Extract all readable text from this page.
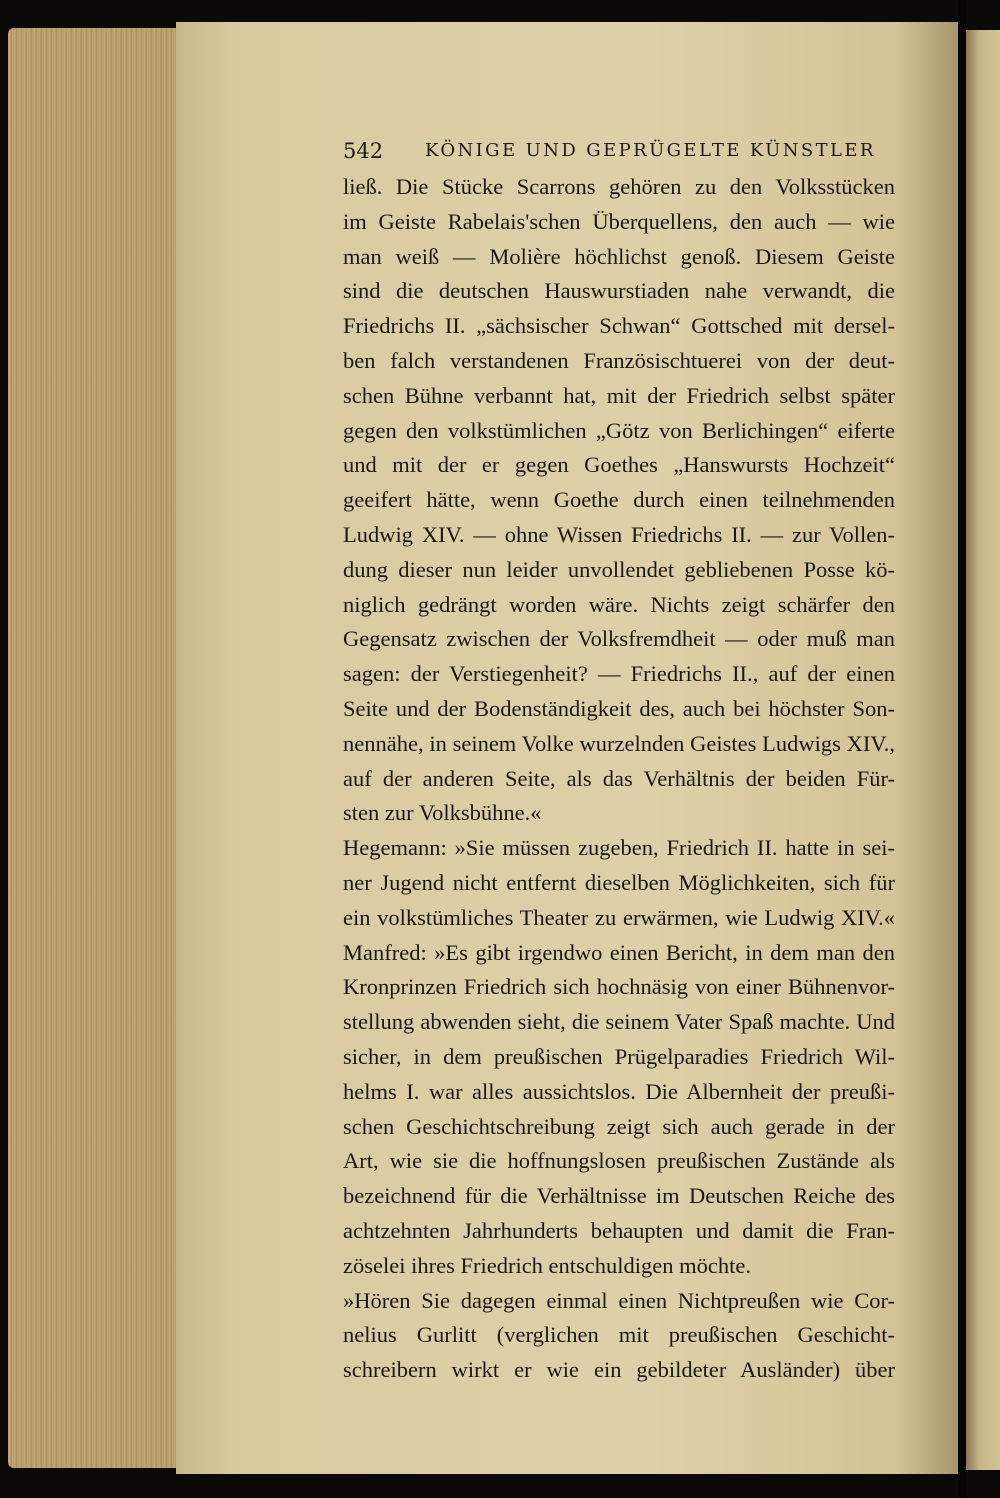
542 KÖNIGE UND GEPRÜGELTE KÜNSTLER
ließ. Die Stücke Scarrons gehören zu den Volksstücken
im Geiste Rabelais'schen Überquellens, den auch — wie
man weiß — Molière höchlichst genoß. Diesem Geiste
sind die deutschen Hauswurstiaden nahe verwandt, die
Friedrichs II. „sächsischer Schwan“ Gottsched mit dersel-
ben falch verstandenen Französischtuerei von der deut-
schen Bühne verbannt hat, mit der Friedrich selbst später
gegen den volkstümlichen „Götz von Berlichingen“ eiferte
und mit der er gegen Goethes „Hanswursts Hochzeit“
geeifert hätte, wenn Goethe durch einen teilnehmenden
Ludwig XIV. — ohne Wissen Friedrichs II. — zur Vollen-
dung dieser nun leider unvollendet gebliebenen Posse kö-
niglich gedrängt worden wäre. Nichts zeigt schärfer den
Gegensatz zwischen der Volksfremdheit — oder muß man
sagen: der Verstiegenheit? — Friedrichs II., auf der einen
Seite und der Bodenständigkeit des, auch bei höchster Son-
nennähe, in seinem Volke wurzelnden Geistes Ludwigs XIV.,
auf der anderen Seite, als das Verhältnis der beiden Für-
sten zur Volksbühne.«
Hegemann: »Sie müssen zugeben, Friedrich II. hatte in sei-
ner Jugend nicht entfernt dieselben Möglichkeiten, sich für
ein volkstümliches Theater zu erwärmen, wie Ludwig XIV.«
Manfred: »Es gibt irgendwo einen Bericht, in dem man den
Kronprinzen Friedrich sich hochnäsig von einer Bühnenvor-
stellung abwenden sieht, die seinem Vater Spaß machte. Und
sicher, in dem preußischen Prügelparadies Friedrich Wil-
helms I. war alles aussichtslos. Die Albernheit der preußi-
schen Geschichtschreibung zeigt sich auch gerade in der
Art, wie sie die hoffnungslosen preußischen Zustände als
bezeichnend für die Verhältnisse im Deutschen Reiche des
achtzehnten Jahrhunderts behaupten und damit die Fran-
zöselei ihres Friedrich entschuldigen möchte.
»Hören Sie dagegen einmal einen Nichtpreußen wie Cor-
nelius Gurlitt (verglichen mit preußischen Geschicht-
schreibern wirkt er wie ein gebildeter Ausländer) über
